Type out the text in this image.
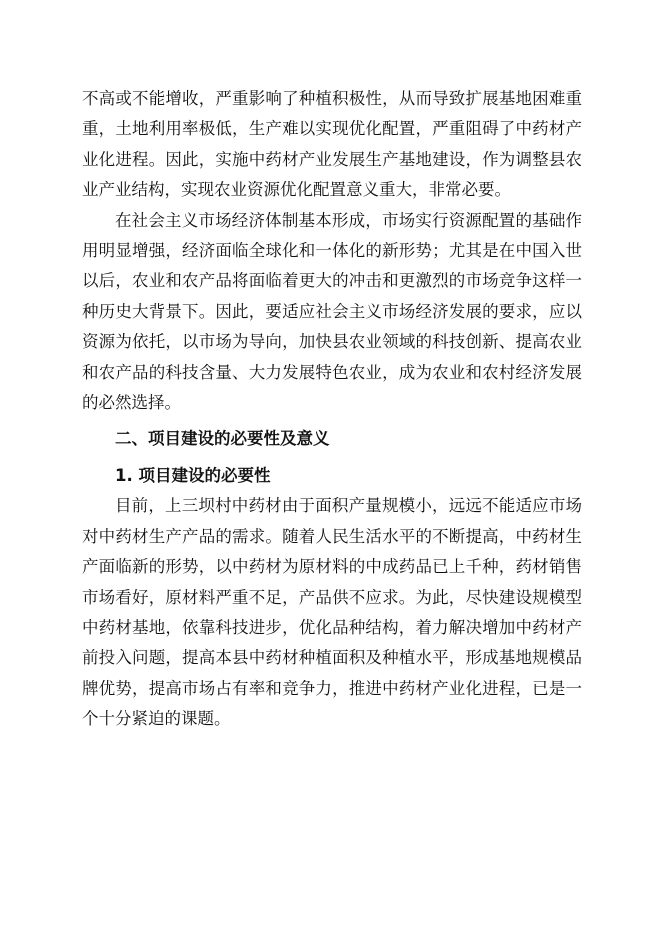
不高或不能增收，严重影响了种植积极性，从而导致扩展基地困难重重，土地利用率极低，生产难以实现优化配置，严重阻碍了中药材产业化进程。因此，实施中药材产业发展生产基地建设，作为调整县农业产业结构，实现农业资源优化配置意义重大，非常必要。

在社会主义市场经济体制基本形成，市场实行资源配置的基础作用明显增强，经济面临全球化和一体化的新形势；尤其是在中国入世以后，农业和农产品将面临着更大的冲击和更激烈的市场竞争这样一种历史大背景下。因此，要适应社会主义市场经济发展的要求，应以资源为依托，以市场为导向，加快县农业领域的科技创新、提高农业和农产品的科技含量、大力发展特色农业，成为农业和农村经济发展的必然选择。

二、项目建设的必要性及意义

1. 项目建设的必要性

目前，上三坝村中药材由于面积产量规模小，远远不能适应市场对中药材生产产品的需求。随着人民生活水平的不断提高，中药材生产面临新的形势，以中药材为原材料的中成药品已上千种，药材销售市场看好，原材料严重不足，产品供不应求。为此，尽快建设规模型中药材基地，依靠科技进步，优化品种结构，着力解决增加中药材产前投入问题，提高本县中药材种植面积及种植水平，形成基地规模品牌优势，提高市场占有率和竞争力，推进中药材产业化进程，已是一个十分紧迫的课题。
